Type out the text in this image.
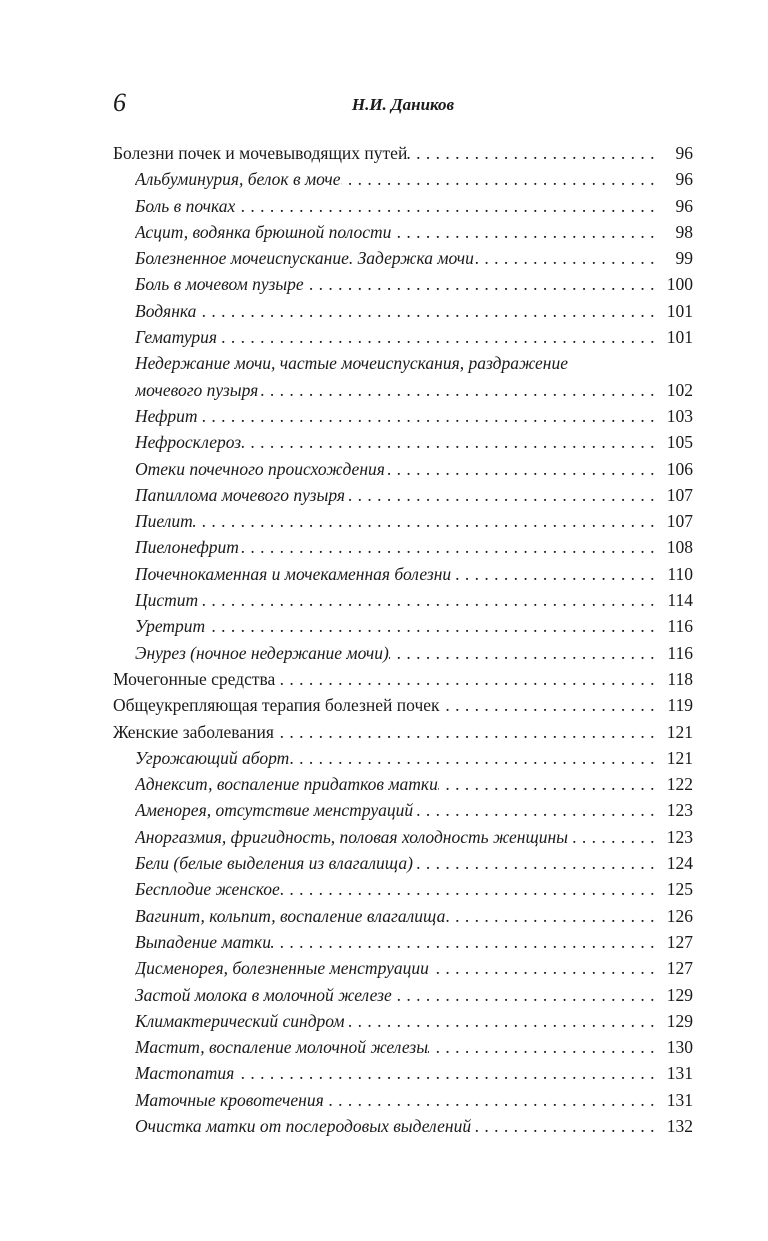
6	Н.И. Даников
Болезни почек и мочевыводящих путей . . .	96
Альбуминурия, белок в моче . . .	96
Боль в почках . . .	96
Асцит, водянка брюшной полости . . .	98
Болезненное мочеиспускание. Задержка мочи . . .	99
Боль в мочевом пузыре . . .	100
Водянка . . .	101
Гематурия . . .	101
Недержание мочи, частые мочеиспускания, раздражение
мочевого пузыря . . .	102
Нефрит . . .	103
Нефросклероз . . .	105
Отеки почечного происхождения . . .	106
Папиллома мочевого пузыря . . .	107
Пиелит . . .	107
Пиелонефрит . . .	108
Почечнокаменная и мочекаменная болезни . . .	110
Цистит . . .	114
Уретрит . . .	116
Энурез (ночное недержание мочи) . . .	116
Мочегонные средства . . .	118
Общеукрепляющая терапия болезней почек . . .	119
Женские заболевания . . .	121
Угрожающий аборт . . .	121
Аднексит, воспаление придатков матки . . .	122
Аменорея, отсутствие менструаций . . .	123
Аноргазмия, фригидность, половая холодность женщины . . .	123
Бели (белые выделения из влагалища) . . .	124
Бесплодие женское . . .	125
Вагинит, кольпит, воспаление влагалища . . .	126
Выпадение матки . . .	127
Дисменорея, болезненные менструации . . .	127
Застой молока в молочной железе . . .	129
Климактерический синдром . . .	129
Мастит, воспаление молочной железы . . .	130
Мастопатия . . .	131
Маточные кровотечения . . .	131
Очистка матки от послеродовых выделений . . .	132
